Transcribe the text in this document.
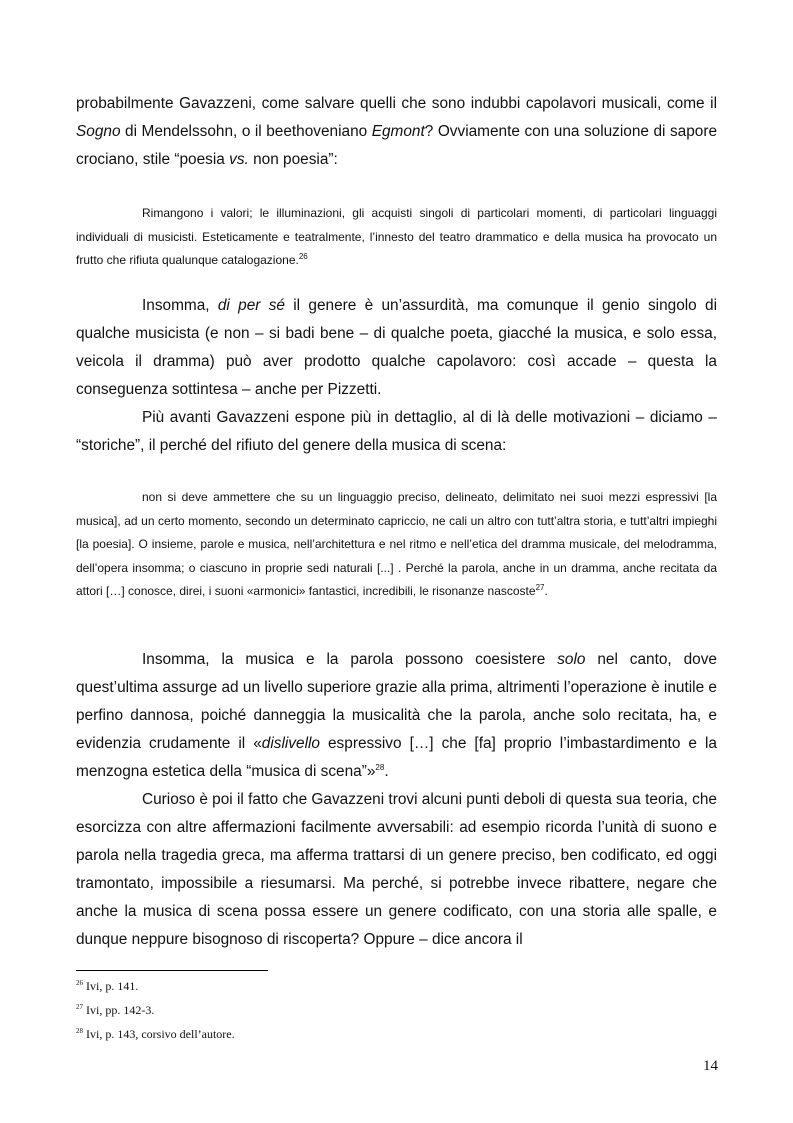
probabilmente Gavazzeni, come salvare quelli che sono indubbi capolavori musicali, come il Sogno di Mendelssohn, o il beethoveniano Egmont? Ovviamente con una soluzione di sapore crociano, stile “poesia vs. non poesia”:

Rimangono i valori; le illuminazioni, gli acquisti singoli di particolari momenti, di particolari linguaggi individuali di musicisti. Esteticamente e teatralmente, l’innesto del teatro drammatico e della musica ha provocato un frutto che rifiuta qualunque catalogazione.$^{26}$

Insomma, di per sé il genere è un’assurdità, ma comunque il genio singolo di qualche musicista (e non – si badi bene – di qualche poeta, giacché la musica, e solo essa, veicola il dramma) può aver prodotto qualche capolavoro: così accade – questa la conseguenza sottintesa – anche per Pizzetti.

Più avanti Gavazzeni espone più in dettaglio, al di là delle motivazioni – diciamo – “storiche”, il perché del rifiuto del genere della musica di scena:

non si deve ammettere che su un linguaggio preciso, delineato, delimitato nei suoi mezzi espressivi [la musica], ad un certo momento, secondo un determinato capriccio, ne cali un altro con tutt’altra storia, e tutt’altri impieghi [la poesia]. O insieme, parole e musica, nell’architettura e nel ritmo e nell’etica del dramma musicale, del melodramma, dell’opera insomma; o ciascuno in proprie sedi naturali [...] . Perché la parola, anche in un dramma, anche recitata da attori […] conosce, direi, i suoni «armonici» fantastici, incredibili, le risonanze nascoste$^{27}$.

Insomma, la musica e la parola possono coesistere solo nel canto, dove quest’ultima assurge ad un livello superiore grazie alla prima, altrimenti l’operazione è inutile e perfino dannosa, poiché danneggia la musicalità che la parola, anche solo recitata, ha, e evidenzia crudamente il «dislivello espressivo […] che [fa] proprio l’imbastardimento e la menzogna estetica della “musica di scena”»$^{28}$.

Curioso è poi il fatto che Gavazzeni trovi alcuni punti deboli di questa sua teoria, che esorcizza con altre affermazioni facilmente avversabili: ad esempio ricorda l’unità di suono e parola nella tragedia greca, ma afferma trattarsi di un genere preciso, ben codificato, ed oggi tramontato, impossibile a riesumarsi. Ma perché, si potrebbe invece ribattere, negare che anche la musica di scena possa essere un genere codificato, con una storia alle spalle, e dunque neppure bisognoso di riscoperta? Oppure – dice ancora il

$^{26}$ Ivi, p. 141.

$^{27}$ Ivi, pp. 142-3.

$^{28}$ Ivi, p. 143, corsivo dell’autore.

14
